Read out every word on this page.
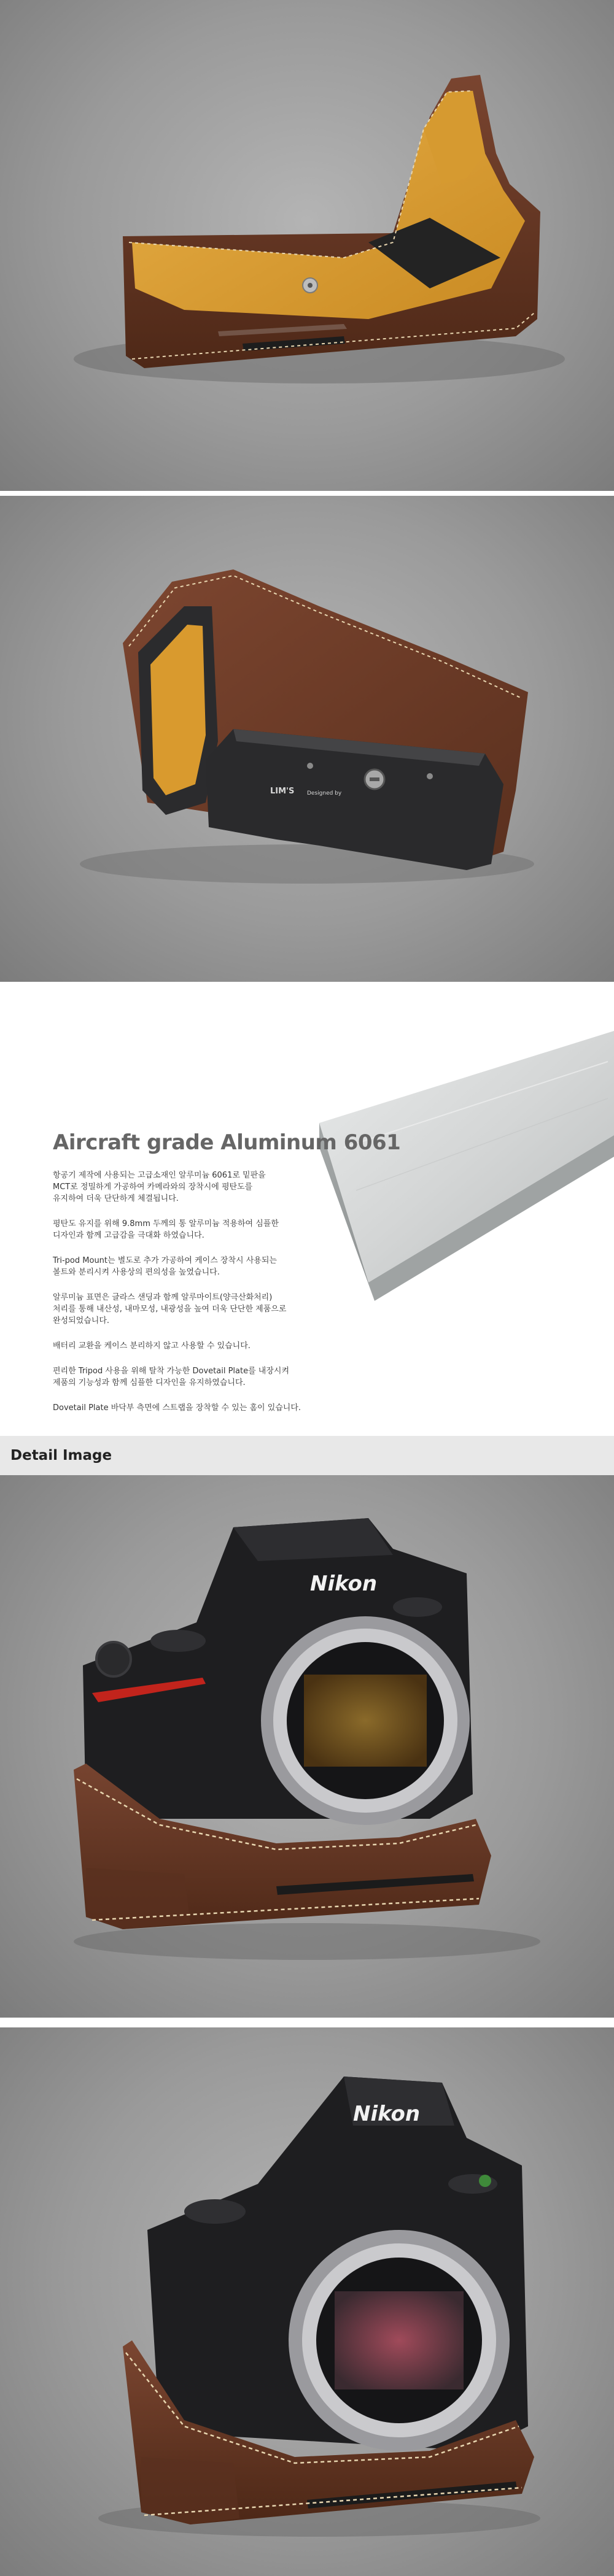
LIM'S Designed by
Aircraft grade Aluminum 6061

항공기 제작에 사용되는 고급소재인 알루미늄 6061로 밑판을
MCT로 정밀하게 가공하여 카메라와의 장착시에 평탄도를
유지하여 더욱 단단하게 체결됩니다.

평탄도 유지를 위해 9.8mm 두께의 통 알루미늄 적용하여 심플한
디자인과 함께 고급감을 극대화 하였습니다.

Tri-pod Mount는 별도로 추가 가공하여 케이스 장착시 사용되는
볼트와 분리시켜 사용상의 편의성을 높였습니다.

알루미늄 표면은 글라스 샌딩과 함께 알루마이트(양극산화처리)
처리를 통해 내산성, 내마모성, 내광성을 높여 더욱 단단한 제품으로
완성되었습니다.

배터리 교환을 케이스 분리하지 않고 사용할 수 있습니다.

편리한 Tripod 사용을 위해 탈착 가능한 Dovetail Plate를 내장시켜
제품의 기능성과 함께 심플한 디자인을 유지하였습니다.

Dovetail Plate 바닥부 측면에 스트랩을 장착할 수 있는 홈이 있습니다.

Detail Image
Nikon
Nikon
